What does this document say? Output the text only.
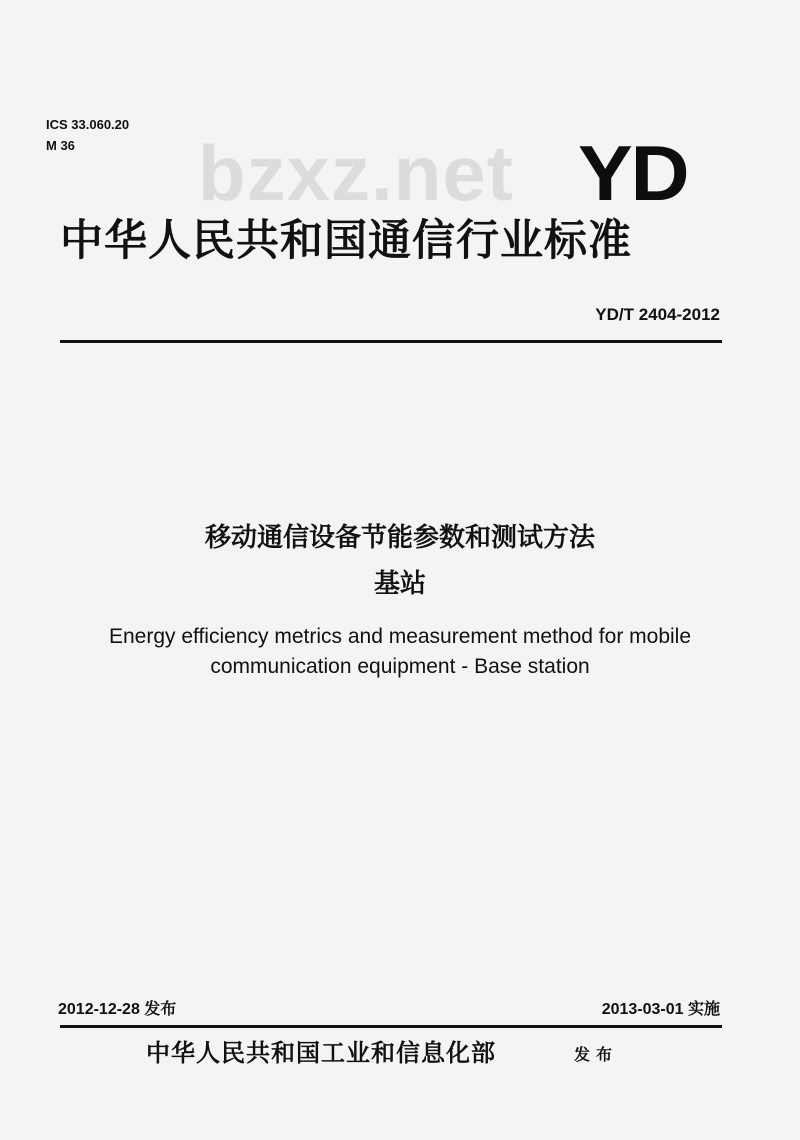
ICS 33.060.20
M 36 bzxz.net YD
中华人民共和国通信行业标准
YD/T 2404-2012
移动通信设备节能参数和测试方法
基站
Energy efficiency metrics and measurement method for mobile
communication equipment - Base station
2012-12-28 发布	2013-03-01 实施
中华人民共和国工业和信息化部	发布
